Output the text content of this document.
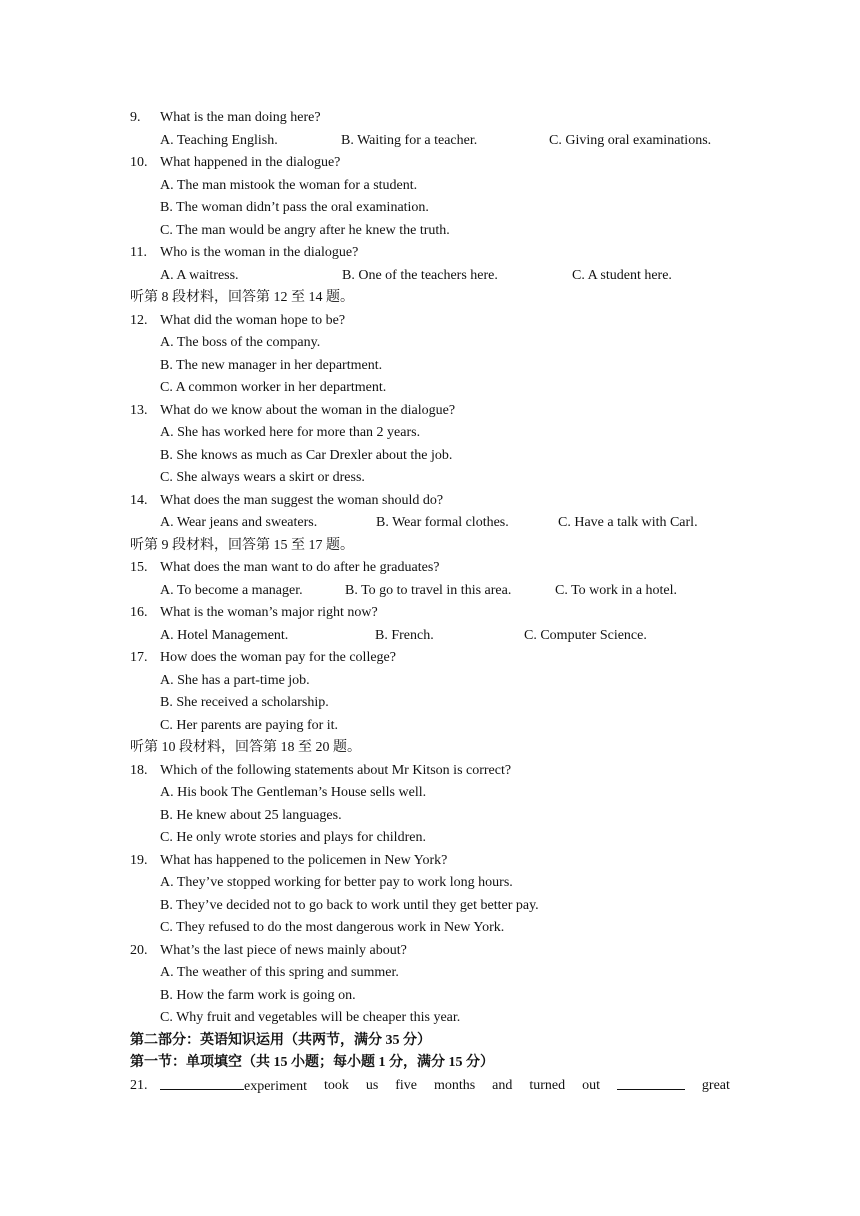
9. What is the man doing here?
A. Teaching English.	B. Waiting for a teacher.	C. Giving oral examinations.
10. What happened in the dialogue?
A. The man mistook the woman for a student.
B. The woman didn’t pass the oral examination.
C. The man would be angry after he knew the truth.
11. Who is the woman in the dialogue?
A. A waitress.	B. One of the teachers here.	C. A student here.
听第 8 段材料，回答第 12 至 14 题。
12. What did the woman hope to be?
A. The boss of the company.
B. The new manager in her department.
C. A common worker in her department.
13. What do we know about the woman in the dialogue?
A. She has worked here for more than 2 years.
B. She knows as much as Car Drexler about the job.
C. She always wears a skirt or dress.
14. What does the man suggest the woman should do?
A. Wear jeans and sweaters.	B. Wear formal clothes.	C. Have a talk with Carl.
听第 9 段材料，回答第 15 至 17 题。
15. What does the man want to do after he graduates?
A. To become a manager.	B. To go to travel in this area.	C. To work in a hotel.
16. What is the woman’s major right now?
A. Hotel Management.	B. French.	C. Computer Science.
17. How does the woman pay for the college?
A. She has a part-time job.
B. She received a scholarship.
C. Her parents are paying for it.
听第 10 段材料，回答第 18 至 20 题。
18. Which of the following statements about Mr Kitson is correct?
A. His book The Gentleman’s House sells well.
B. He knew about 25 languages.
C. He only wrote stories and plays for children.
19. What has happened to the policemen in New York?
A. They’ve stopped working for better pay to work long hours.
B. They’ve decided not to go back to work until they get better pay.
C. They refused to do the most dangerous work in New York.
20. What’s the last piece of news mainly about?
A. The weather of this spring and summer.
B. How the farm work is going on.
C. Why fruit and vegetables will be cheaper this year.
第二部分：英语知识运用（共两节，满分 35 分）
第一节：单项填空（共 15 小题；每小题 1 分，满分 15 分）
21.	experiment took us five months and turned out	great
